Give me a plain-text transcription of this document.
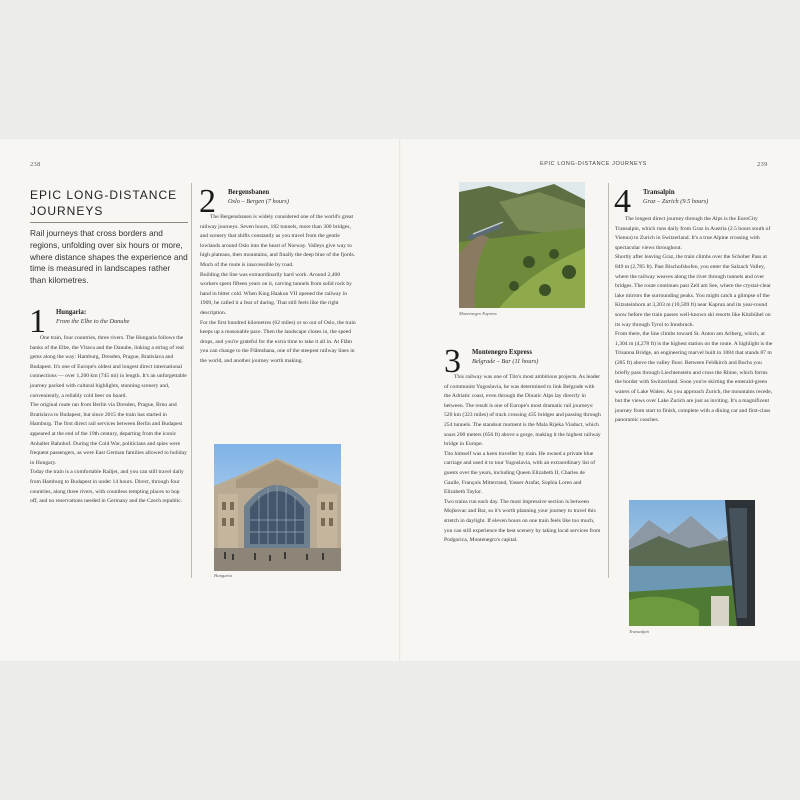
238
EPIC LONG-DISTANCE JOURNEYS
Rail journeys that cross borders and regions, unfolding over six hours or more, where distance shapes the experience and time is measured in landscapes rather than kilometres.
1 Hungaria:
From the Elbe to the Danube

One train, four countries, three rivers. The Hungaria follows the banks of the Elbe, the Vltava and the Danube, linking a string of real gems along the way: Hamburg, Dresden, Prague, Bratislava and Budapest. It's one of Europe's oldest and longest direct international connections — over 1,200 km (745 mi) in length. It's an unforgettable journey packed with cultural highlights, stunning scenery and, conveniently, a reliably cold beer on board.

The original route ran from Berlin via Dresden, Prague, Brno and Bratislava to Budapest, but since 2015 the train has started in Hamburg. The first direct rail services between Berlin and Budapest appeared at the end of the 19th century, departing from the iconic Anhalter Bahnhof. During the Cold War, politicians and spies were frequent passengers, as were East German families allowed to holiday in Hungary.

Today the train is a comfortable Railjet, and you can still travel daily from Hamburg to Budapest in under 14 hours. Direct, through four countries, along three rivers, with countless tempting places to hop off, and no reservations needed in Germany and the Czech republic.

2 Bergensbanen
Oslo – Bergen (7 hours)

The Bergensbanen is widely considered one of the world's great railway journeys. Seven hours, 182 tunnels, more than 300 bridges, and scenery that shifts constantly as you travel from the gentle lowlands around Oslo into the heart of Norway. Valleys give way to high plateaus, then mountains, and finally the deep blue of the fjords. Much of the route is inaccessible by road.

Building the line was extraordinarily hard work. Around 2,400 workers spent fifteen years on it, carving tunnels from solid rock by hand in bitter cold. When King Haakon VII opened the railway in 1909, he called it a feat of daring. That still feels like the right description.

For the first hundred kilometres (62 miles) or so out of Oslo, the train keeps up a reasonable pace. Then the landscape closes in, the speed drops, and you're grateful for the extra time to take it all in. At Flåm you can change to the Flåmsbana, one of the steepest railway lines in the world, and another journey worth making.

Hungaria
EPIC LONG-DISTANCE JOURNEYS	239
Montenegro Express
3 Montenegro Express
Belgrade – Bar (11 hours)

This railway was one of Tito's most ambitious projects. As leader of communist Yugoslavia, he was determined to link Belgrade with the Adriatic coast, even through the Dinaric Alps lay directly in between. The result is one of Europe's most dramatic rail journeys: 520 km (323 miles) of track crossing 435 bridges and passing through 254 tunnels. The standout moment is the Mala Rijeka Viaduct, which soars 200 meters (656 ft) above a gorge, making it the highest railway bridge in Europe.

Tito himself was a keen traveller by train. He owned a private blue carriage and used it to tour Yugoslavia, with an extraordinary list of guests over the years, including Queen Elizabeth II, Charles de Gaulle, François Mitterrand, Yasser Arafat, Sophia Loren and Elizabeth Taylor.

Two trains run each day. The most impressive section is between Mojkovac and Bar, so it's worth planning your journey to travel this stretch in daylight. If eleven hours on one train feels like too much, you can still experience the best scenery by taking local services from Podgorica, Montenegro's capital.

4 Transalpin
Graz – Zurich (9.5 hours)

The longest direct journey through the Alps is the EuroCity Transalpin, which runs daily from Graz in Austria (2.5 hours south of Vienna) to Zurich in Switzerland. It's a true Alpine crossing with spectacular views throughout.

Shortly after leaving Graz, the train climbs over the Schober Pass at 849 m (2,785 ft). Past Bischofshofen, you enter the Salzach Valley, where the railway weaves along the river through tunnels and over bridges. The route continues past Zell am See, where the crystal-clear lake mirrors the surrounding peaks. You might catch a glimpse of the Kitzsteinhorn at 3,203 m (10,509 ft) near Kaprun and its year-round snow before the train passes well-known ski resorts like Kitzbühel on its way through Tyrol to Innsbruck.

From there, the line climbs toward St. Anton am Arlberg, which, at 1,304 m (4,278 ft) is the highest station on the route. A highlight is the Trisanna Bridge, an engineering marvel built in 1884 that stands 87 m (285 ft) above the valley floor. Between Feldkirch and Buchs you briefly pass through Liechtenstein and cross the Rhine, which forms the border with Switzerland. Soon you're skirting the emerald-green waters of Lake Walen. As you approach Zurich, the mountains recede, but the views over Lake Zurich are just as inviting. It's a magnificent journey from start to finish, complete with a dining car and first-class panoramic coaches.

Transalpin
